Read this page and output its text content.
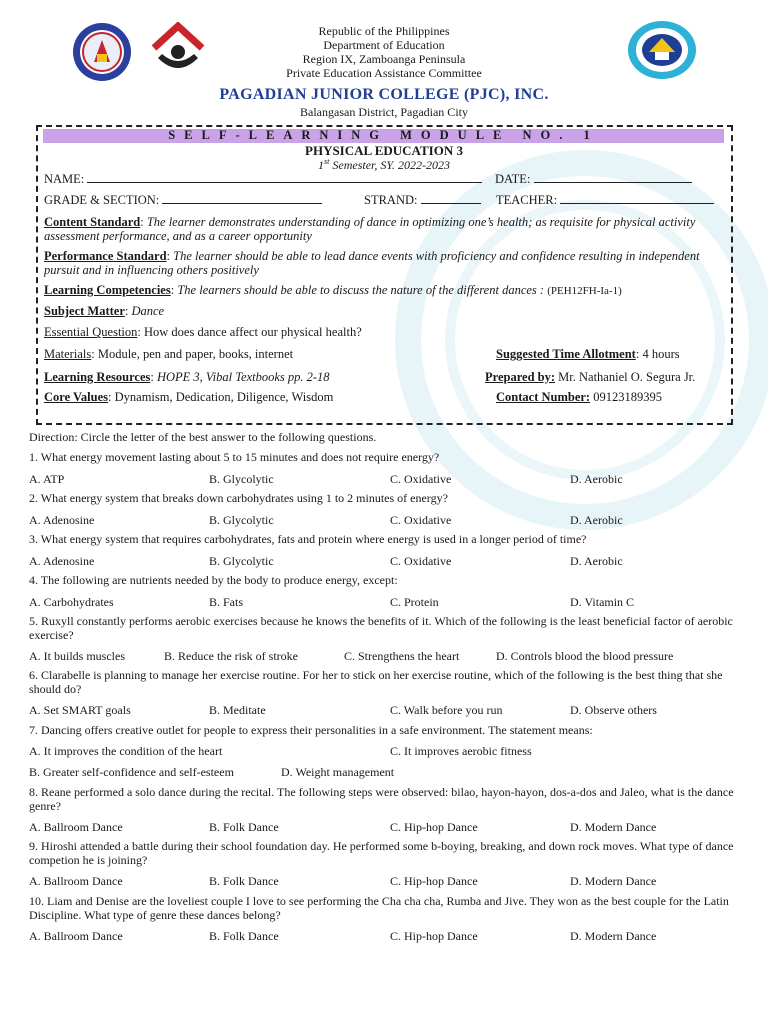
Republic of the Philippines
Department of Education
Region IX, Zamboanga Peninsula
Private Education Assistance Committee
PAGADIAN JUNIOR COLLEGE (PJC), INC.
Balangasan District, Pagadian City
SELF-LEARNING MODULE NO. 1
PHYSICAL EDUCATION 3
1st Semester, SY. 2022-2023
NAME:	DATE:
GRADE & SECTION:	STRAND:	TEACHER:
Content Standard: The learner demonstrates understanding of dance in optimizing one’s health; as requisite for physical activity assessment performance, and as a career opportunity
Performance Standard: The learner should be able to lead dance events with proficiency and confidence resulting in independent pursuit and in influencing others positively
Learning Competencies: The learners should be able to discuss the nature of the different dances : (PEH12FH-Ia-1)
Subject Matter: Dance
Essential Question: How does dance affect our physical health?
Materials: Module, pen and paper, books, internet	Suggested Time Allotment: 4 hours
Learning Resources: HOPE 3, Vibal Textbooks pp. 2-18	Prepared by: Mr. Nathaniel O. Segura Jr.
Core Values: Dynamism, Dedication, Diligence, Wisdom	Contact Number: 09123189395
Direction: Circle the letter of the best answer to the following questions.
1. What energy movement lasting about 5 to 15 minutes and does not require energy?
A. ATP	B. Glycolytic	C. Oxidative	D. Aerobic
2. What energy system that breaks down carbohydrates using 1 to 2 minutes of energy?
A. Adenosine	B. Glycolytic	C. Oxidative	D. Aerobic
3. What energy system that requires carbohydrates, fats and protein where energy is used in a longer period of time?
A. Adenosine	B. Glycolytic	C. Oxidative	D. Aerobic
4. The following are nutrients needed by the body to produce energy, except:
A. Carbohydrates	B. Fats	C. Protein	D. Vitamin C
5. Ruxyll constantly performs aerobic exercises because he knows the benefits of it. Which of the following is the least beneficial factor of aerobic exercise?
A. It builds muscles	B. Reduce the risk of stroke	C. Strengthens the heart	D. Controls blood the blood pressure
6. Clarabelle is planning to manage her exercise routine. For her to stick on her exercise routine, which of the following is the best thing that she should do?
A. Set SMART goals	B. Meditate	C. Walk before you run	D. Observe others
7. Dancing offers creative outlet for people to express their personalities in a safe environment. The statement means:
A. It improves the condition of the heart	C. It improves aerobic fitness
B. Greater self-confidence and self-esteem	D. Weight management
8. Reane performed a solo dance during the recital. The following steps were observed: bilao, hayon-hayon, dos-a-dos and Jaleo, what is the dance genre?
A. Ballroom Dance	B. Folk Dance	C. Hip-hop Dance	D. Modern Dance
9. Hiroshi attended a battle during their school foundation day. He performed some b-boying, breaking, and down rock moves. What type of dance competion he is joining?
A. Ballroom Dance	B. Folk Dance	C. Hip-hop Dance	D. Modern Dance
10. Liam and Denise are the loveliest couple I love to see performing the Cha cha cha, Rumba and Jive. They won as the best couple for the Latin Discipline. What type of genre these dances belong?
A. Ballroom Dance	B. Folk Dance	C. Hip-hop Dance	D. Modern Dance
